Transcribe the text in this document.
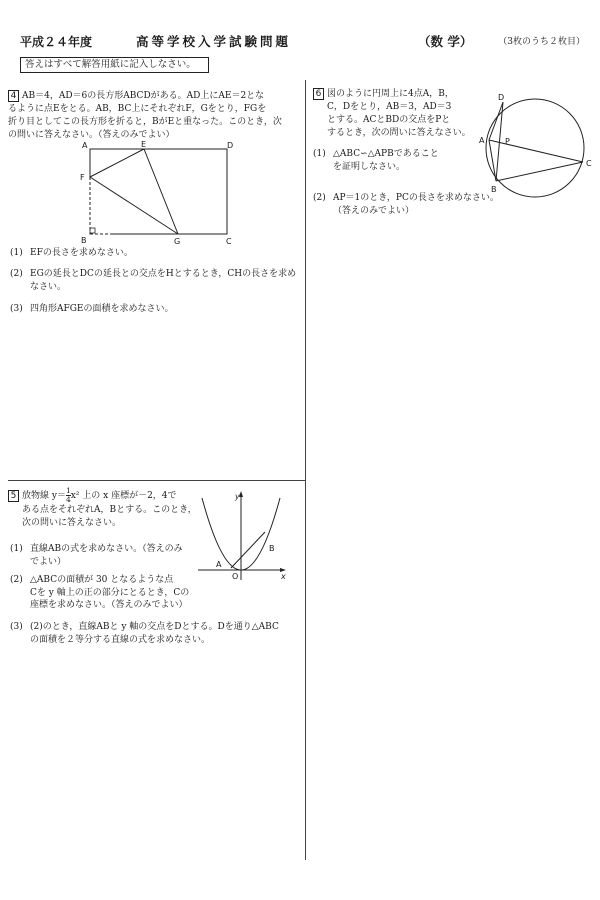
平成２４年度	高等学校入学試験問題	（数 学）	（3枚のうち２枚目）
答えはすべて解答用紙に記入しなさい。
4 AB＝4，AD＝6の長方形ABCDがある。AD上にAE＝2とな
るように点Eをとる。AB，BC上にそれぞれF，Gをとり，FGを
折り目としてこの長方形を折ると，BがEと重なった。このとき，次
の問いに答えなさい。（答えのみでよい）
A	E	D
F
B	G	C
(1) EFの長さを求めなさい。
(2) EGの延長とDCの延長との交点をHとするとき，CHの長さを求め
なさい。
(3) 四角形AFGEの面積を求めなさい。
5 放物線 $y= \frac{1}{4} x^2$ 上の x 座標が－2，4で
ある点をそれぞれA，Bとする。このとき，
次の問いに答えなさい。
y
x
A
B
O
(1) 直線ABの式を求めなさい。（答えのみ
でよい）
(2) △ABCの面積が 30 となるような点
Cを y 軸上の正の部分にとるとき，Cの
座標を求めなさい。（答えのみでよい）
(3) (2)のとき，直線ABと y 軸の交点をDとする。Dを通り△ABC
の面積を２等分する直線の式を求めなさい。
6 図のように円周上に4点A，B，
C，Dをとり，AB＝3，AD＝3
とする。ACとBDの交点をPと
するとき，次の問いに答えなさい。
D
A	P
B
C
(1) △ABC∽△APBであること
を証明しなさい。
(2) AP＝1のとき，PCの長さを求めなさい。
（答えのみでよい）
